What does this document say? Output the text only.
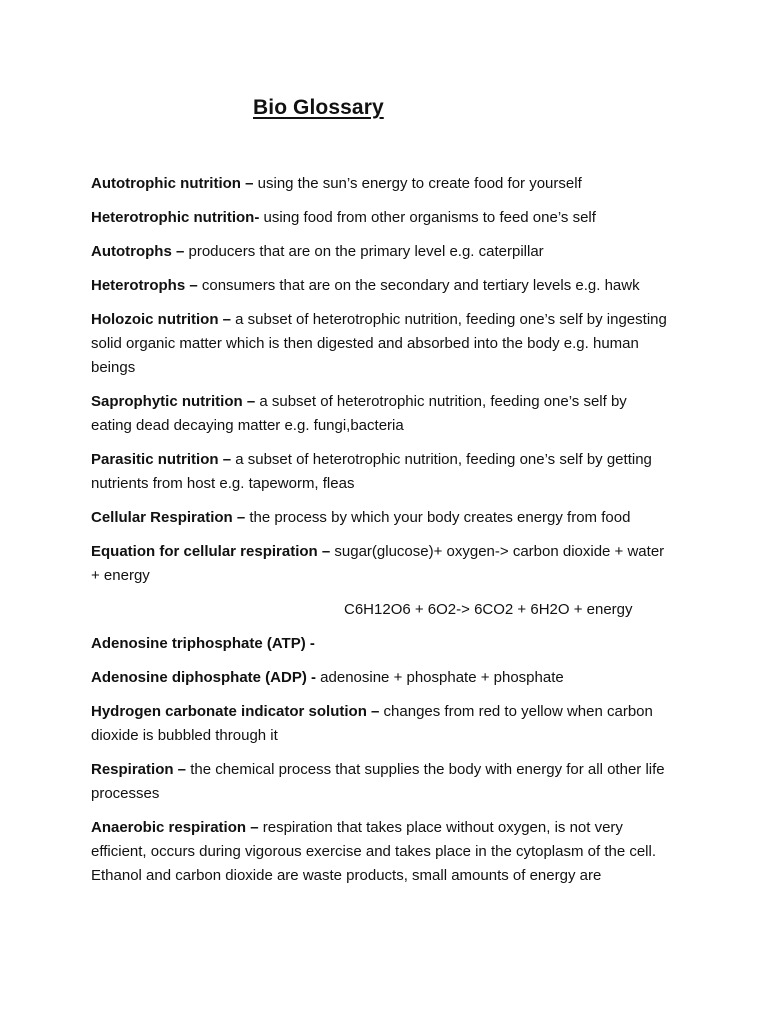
Bio Glossary

Autotrophic nutrition – using the sun’s energy to create food for yourself

Heterotrophic nutrition- using food from other organisms to feed one’s self

Autotrophs – producers that are on the primary level e.g. caterpillar

Heterotrophs – consumers that are on the secondary and tertiary levels e.g. hawk

Holozoic nutrition – a subset of heterotrophic nutrition, feeding one’s self by ingesting solid organic matter which is then digested and absorbed into the body e.g. human beings

Saprophytic nutrition – a subset of heterotrophic nutrition, feeding one’s self by eating dead decaying matter e.g. fungi,bacteria

Parasitic nutrition – a subset of heterotrophic nutrition, feeding one’s self by getting nutrients from host e.g. tapeworm, fleas

Cellular Respiration – the process by which your body creates energy from food

Equation for cellular respiration – sugar(glucose)+ oxygen-> carbon dioxide + water + energy

C6H12O6 + 6O2-> 6CO2 + 6H2O + energy

Adenosine triphosphate (ATP) -

Adenosine diphosphate (ADP) - adenosine + phosphate + phosphate

Hydrogen carbonate indicator solution – changes from red to yellow when carbon dioxide is bubbled through it

Respiration – the chemical process that supplies the body with energy for all other life processes

Anaerobic respiration – respiration that takes place without oxygen, is not very efficient, occurs during vigorous exercise and takes place in the cytoplasm of the cell. Ethanol and carbon dioxide are waste products, small amounts of energy are
